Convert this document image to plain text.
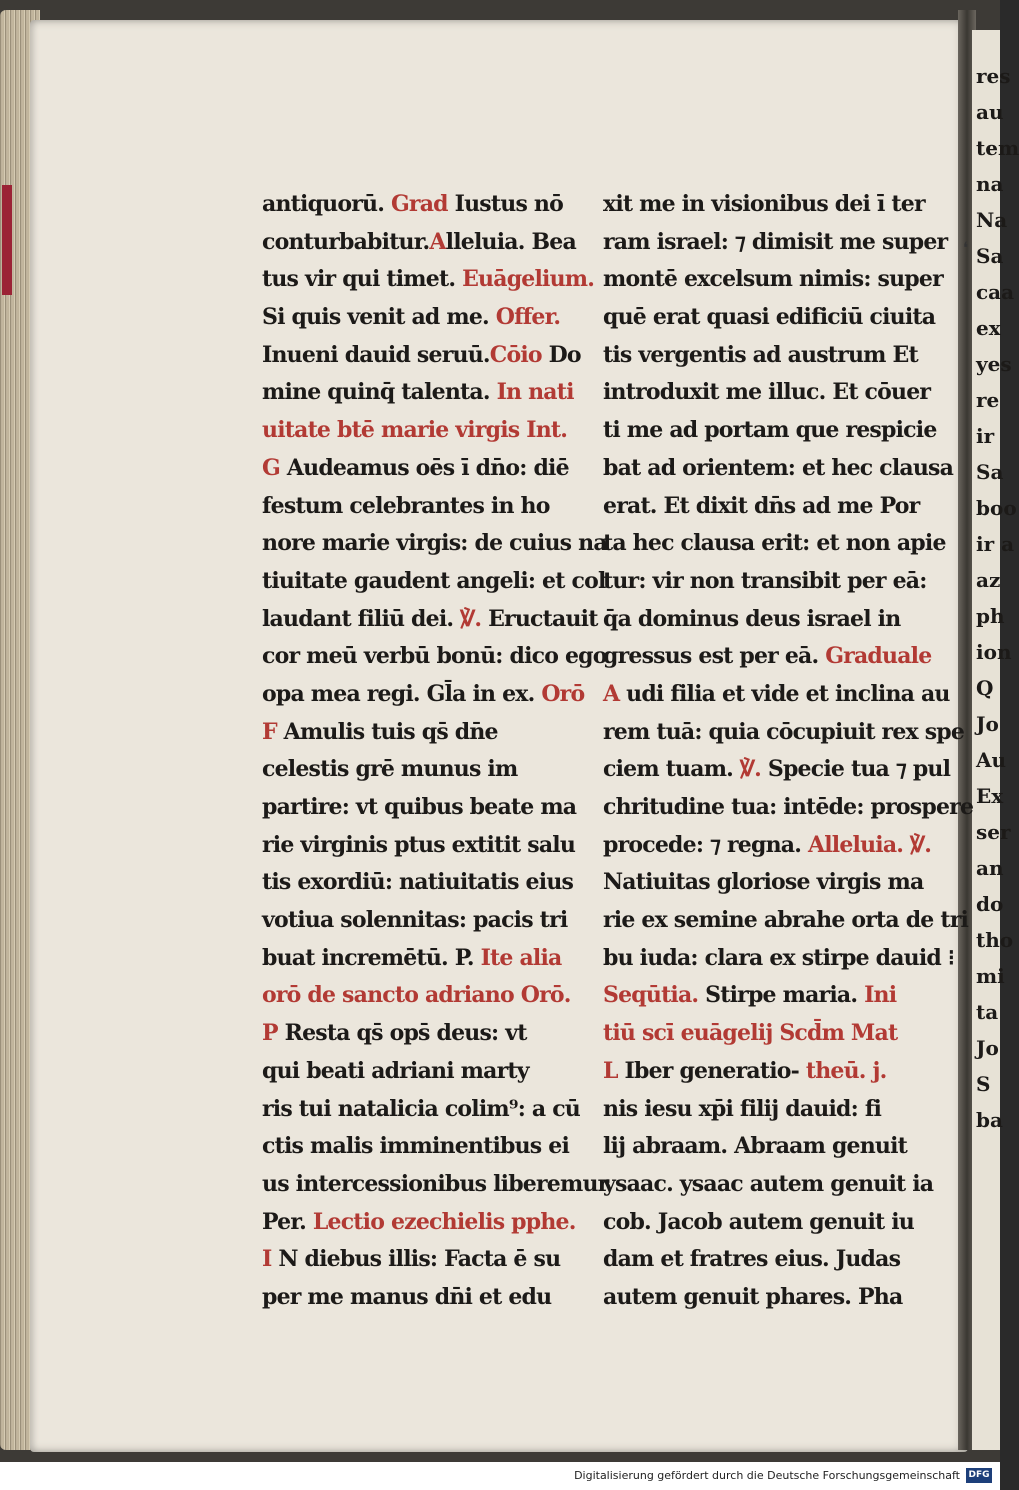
res
au
tem
na
Na
Sa
caa
ex
yes
re
ir
Sa
boo
ir a
az
ph
ion
Q
Jo
Au
Ex
ser
an
do
tho
mi
ta
Jo
S
ba
❛
antiquorū. Grad Iustus nō
conturbabitur.Alleluia. Bea
tus vir qui timet. Euāgelium.
Si quis venit ad me. Offer.
Inueni dauid seruū.Cōio Do
mine quinq̄ talenta. In nati
uitate btē marie virgis Int.
G Audeamus oēs ī dn̄o: diē
festum celebrantes in ho
nore marie virgis: de cuius na
tiuitate gaudent angeli: et col
laudant filiū dei. ℣. Eructauit
cor meū verbū bonū: dico ego
opa mea regi. Gl̄a in ex. Orō
F Amulis tuis qs̄ dn̄e
celestis grē munus im
partire: vt quibus beate ma
rie virginis ptus extitit salu
tis exordiū: natiuitatis eius
votiua solennitas: pacis tri
buat incremētū. P. Ite alia
orō de sancto adriano Orō.
P Resta qs̄ ops̄ deus: vt
qui beati adriani marty
ris tui natalicia colim⁹: a cū
ctis malis imminentibus ei
us intercessionibus liberemur
Per. Lectio ezechielis pphe.
I N diebus illis: Facta ē su
per me manus dn̄i et edu
xit me in visionibus dei ī ter
ram israel: ⁊ dimisit me super
montē excelsum nimis: super
quē erat quasi edificiū ciuita
tis vergentis ad austrum Et
introduxit me illuc. Et cōuer
ti me ad portam que respicie
bat ad orientem: et hec clausa
erat. Et dixit dn̄s ad me Por
ta hec clausa erit: et non apie
tur: vir non transibit per eā:
q̄a dominus deus israel in
gressus est per eā. Graduale
A udi filia et vide et inclina au
rem tuā: quia cōcupiuit rex spe
ciem tuam. ℣. Specie tua ⁊ pul
chritudine tua: intēde: prospere
procede: ⁊ regna. Alleluia. ℣.
Natiuitas gloriose virgis ma
rie ex semine abrahe orta de tri
bu iuda: clara ex stirpe dauid ⁝
Seqūtia. Stirpe maria. Ini
tiū scī euāgelij Scd̄m Mat
L Iber generatio- theū. j.
nis iesu xp̄i filij dauid: fi
lij abraam. Abraam genuit
ysaac. ysaac autem genuit ia
cob. Jacob autem genuit iu
dam et fratres eius. Judas
autem genuit phares. Pha
Digitalisierung gefördert durch die Deutsche Forschungsgemeinschaft DFG
